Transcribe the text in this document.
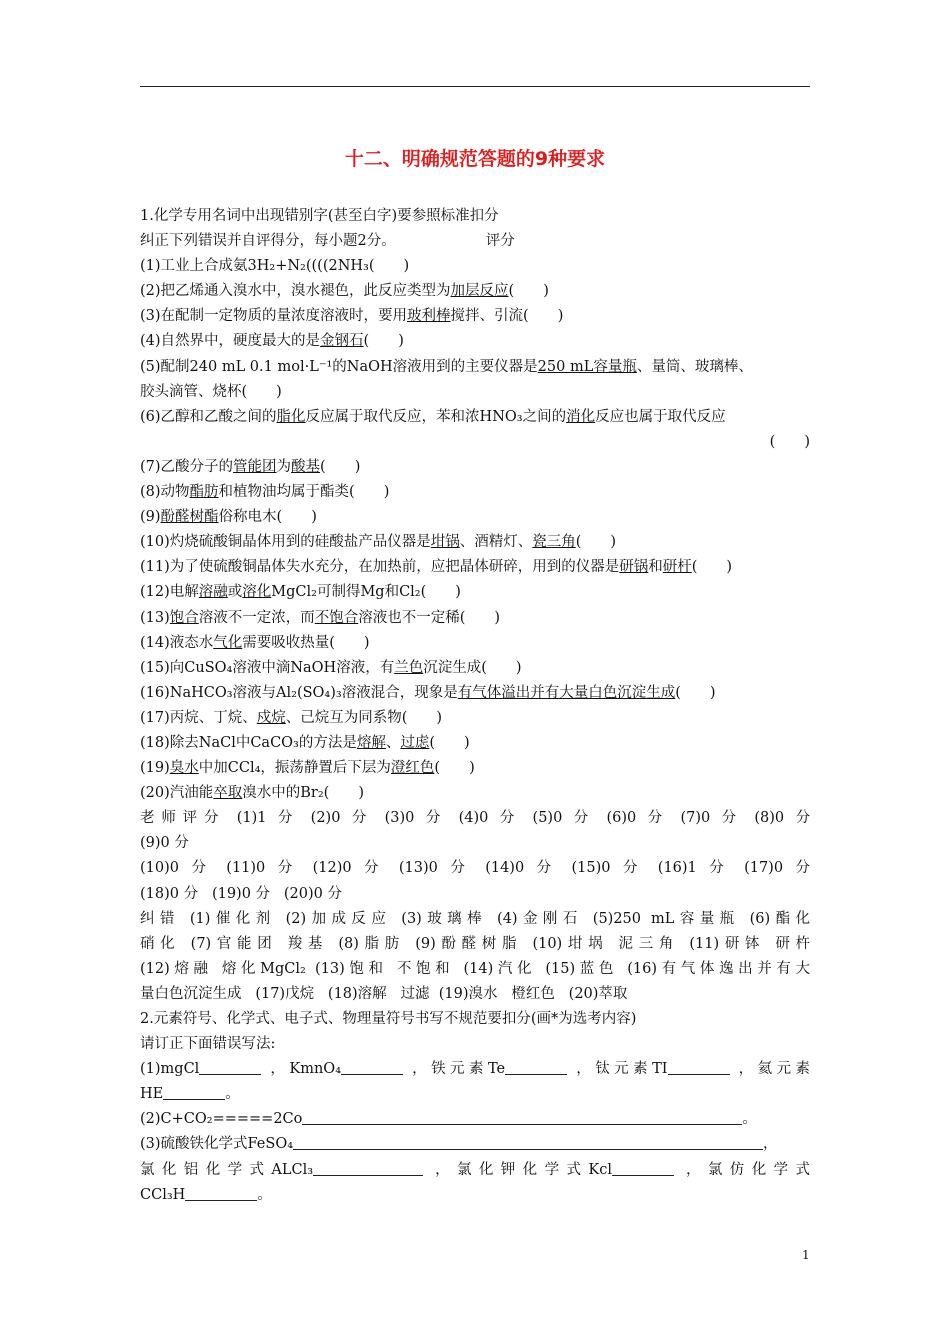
十二、明确规范答题的9种要求
1.化学专用名词中出现错别字(甚至白字)要参照标准扣分
纠正下列错误并自评得分，每小题2分。	评分
(1)工业上合成氨3H₂+N₂((((2NH₃(　　)
(2)把乙烯通入溴水中，溴水褪色，此反应类型为加层反应(　　)
(3)在配制一定物质的量浓度溶液时，要用玻利棒搅拌、引流(　　)
(4)自然界中，硬度最大的是金钢石(　　)
(5)配制240 mL 0.1 mol·L⁻¹的NaOH溶液用到的主要仪器是250 mL容量瓶、量筒、玻璃棒、
胶头滴管、烧杯(　　)
(6)乙醇和乙酸之间的脂化反应属于取代反应，苯和浓HNO₃之间的消化反应也属于取代反应
(　　)
(7)乙酸分子的管能团为酸基(　　)
(8)动物酯肪和植物油均属于酯类(　　)
(9)酚醛树酯俗称电木(　　)
(10)灼烧硫酸铜晶体用到的硅酸盐产品仪器是坩锅、酒精灯、瓷三角(　　)
(11)为了使硫酸铜晶体失水充分，在加热前，应把晶体研碎，用到的仪器是研锅和研杆(　　)
(12)电解溶融或溶化MgCl₂可制得Mg和Cl₂(　　)
(13)饱合溶液不一定浓，而不饱合溶液也不一定稀(　　)
(14)液态水气化需要吸收热量(　　)
(15)向CuSO₄溶液中滴NaOH溶液，有兰色沉淀生成(　　)
(16)NaHCO₃溶液与Al₂(SO₄)₃溶液混合，现象是有气体溢出并有大量白色沉淀生成(　　)
(17)丙烷、丁烷、戍烷、己烷互为同系物(　　)
(18)除去NaCl中CaCO₃的方法是熔解、过虑(　　)
(19)臭水中加CCl₄，振荡静置后下层为澄红色(　　)
(20)汽油能卒取溴水中的Br₂(　　)
老师评分 (1)1 分 (2)0 分 (3)0 分 (4)0 分 (5)0 分 (6)0 分 (7)0 分 (8)0 分
(9)0 分
(10)0 分 (11)0 分 (12)0 分 (13)0 分 (14)0 分 (15)0 分 (16)1 分 (17)0 分
(18)0 分 (19)0 分 (20)0 分
纠错 (1)催化剂 (2)加成反应 (3)玻璃棒 (4)金刚石 (5)250 mL容量瓶 (6)酯化
硝化 (7)官能团 羧基 (8)脂肪 (9)酚醛树脂 (10)坩埚 泥三角 (11)研钵 研杵
(12)熔融 熔化MgCl₂ (13)饱和 不饱和 (14)汽化 (15)蓝色 (16)有气体逸出并有大
量白色沉淀生成 (17)戊烷 (18)溶解 过滤 (19)溴水 橙红色 (20)萃取
2.元素符号、化学式、电子式、物理量符号书写不规范要扣分(画*为选考内容)
请订正下面错误写法:
(1)mgCl	，KmnO₄	，铁元素Te	，钛元素TI	，氦元素
HE	。
(2)C+CO₂=====2Co	。
(3)硫酸铁化学式FeSO₄	，
氯化铝化学式ALCl₃	，氯化钾化学式Kcl	，氯仿化学式
CCl₃H	。
1
